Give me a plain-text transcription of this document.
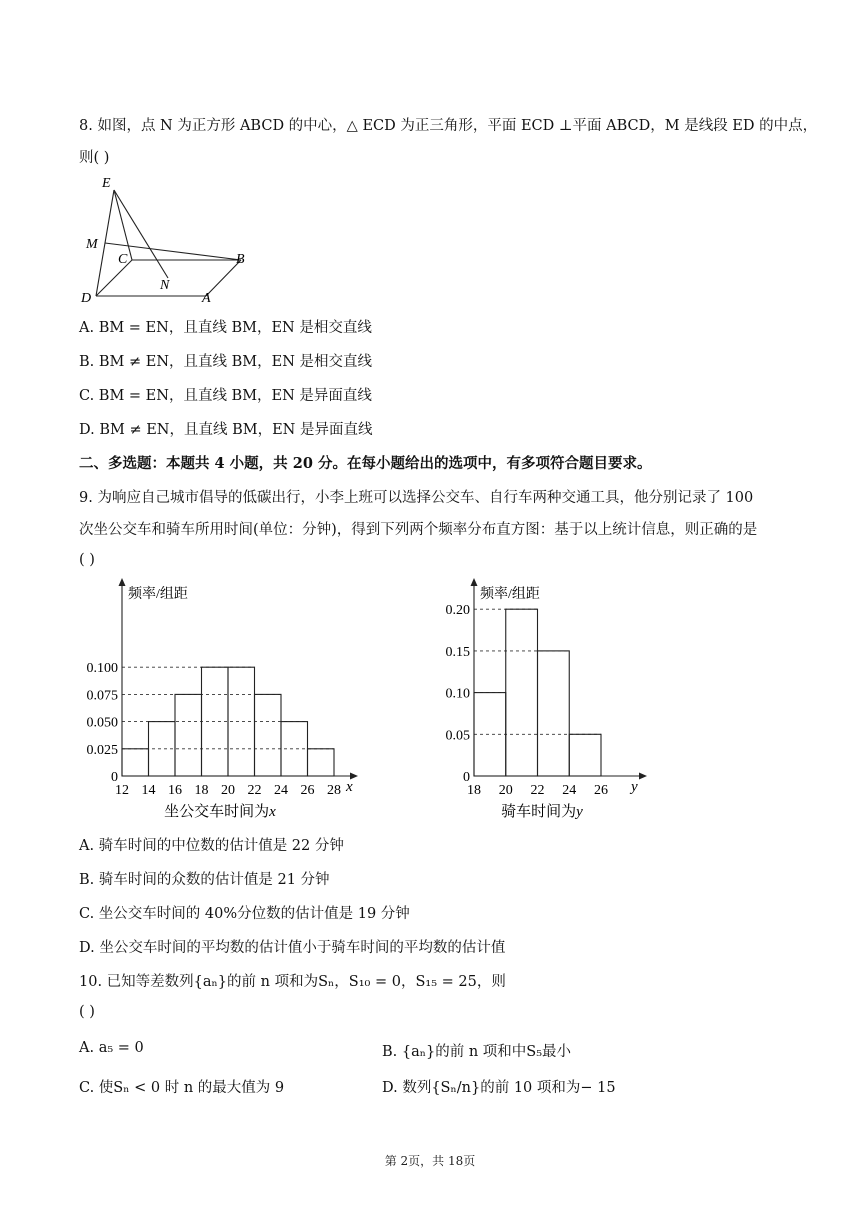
8. 如图，点 N 为正方形 ABCD 的中心，△ ECD 为正三角形，平面 ECD ⊥平面 ABCD，M 是线段 ED 的中点，
则( )
E
M
C	B
N
D	A
A. BM = EN，且直线 BM，EN 是相交直线
B. BM ≠ EN，且直线 BM，EN 是相交直线
C. BM = EN，且直线 BM，EN 是异面直线
D. BM ≠ EN，且直线 BM，EN 是异面直线
二、多选题：本题共 4 小题，共 20 分。在每小题给出的选项中，有多项符合题目要求。
9. 为响应自己城市倡导的低碳出行，小李上班可以选择公交车、自行车两种交通工具，他分别记录了 100
次坐公交车和骑车所用时间(单位：分钟)，得到下列两个频率分布直方图：基于以上统计信息，则正确的是
( )
0
0.025
0.050
0.075
0.100
12 14 16 18 20 22 24 26 28
频率/组距
x
坐公交车时间为x
0
0.05
0.10
0.15
0.20
18 20 22 24 26
频率/组距
y
骑车时间为y
A. 骑车时间的中位数的估计值是 22 分钟
B. 骑车时间的众数的估计值是 21 分钟
C. 坐公交车时间的 40%分位数的估计值是 19 分钟
D. 坐公交车时间的平均数的估计值小于骑车时间的平均数的估计值
10. 已知等差数列{aₙ}的前 n 项和为Sₙ，S₁₀ = 0，S₁₅ = 25，则
( )
A. a₅ = 0	B. {aₙ}的前 n 项和中S₅最小
C. 使Sₙ < 0 时 n 的最大值为 9	D. 数列{Sₙ/n}的前 10 项和为− 15
第 2页，共 18页
